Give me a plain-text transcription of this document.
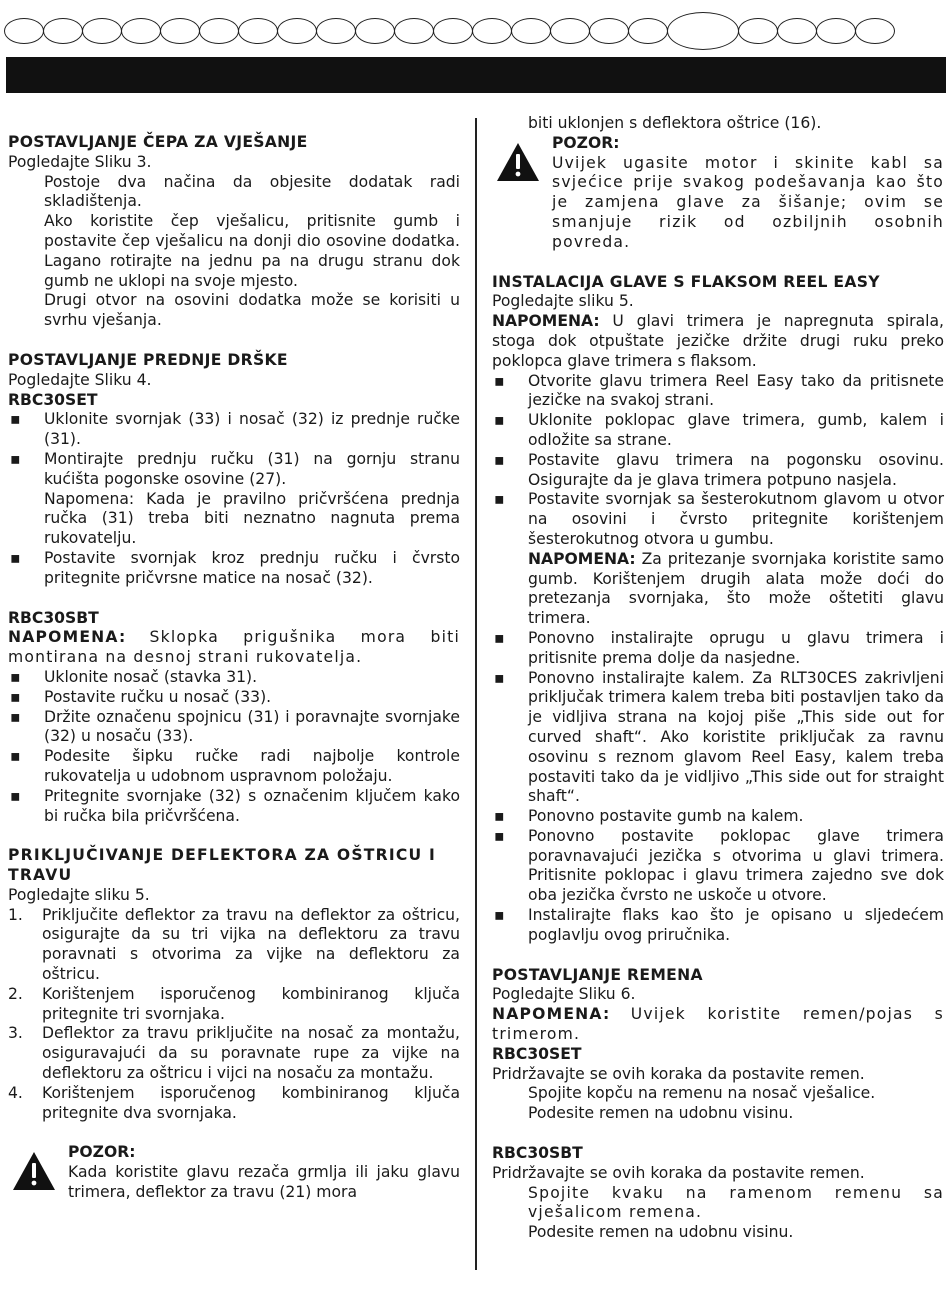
POSTAVLJANJE ČEPA ZA VJEŠANJE
Pogledajte Sliku 3.
Postoje dva načina da objesite dodatak radi skladištenja.
Ako koristite čep vješalicu, pritisnite gumb i postavite čep vješalicu na donji dio osovine dodatka. Lagano rotirajte na jednu pa na drugu stranu dok gumb ne uklopi na svoje mjesto.
Drugi otvor na osovini dodatka može se korisiti u svrhu vješanja.
POSTAVLJANJE PREDNJE DRŠKE
Pogledajte Sliku 4.
RBC30SET
▪ Uklonite svornjak (33) i nosač (32) iz prednje ručke (31).
▪ Montirajte prednju ručku (31) na gornju stranu kućišta pogonske osovine (27).
Napomena: Kada je pravilno pričvršćena prednja ručka (31) treba biti neznatno nagnuta prema rukovatelju.
▪ Postavite svornjak kroz prednju ručku i čvrsto pritegnite pričvrsne matice na nosač (32).
RBC30SBT
NAPOMENA: Sklopka prigušnika mora biti montirana na desnoj strani rukovatelja.
▪ Uklonite nosač (stavka 31).
▪ Postavite ručku u nosač (33).
▪ Držite označenu spojnicu (31) i poravnajte svornjake (32) u nosaču (33).
▪ Podesite šipku ručke radi najbolje kontrole rukovatelja u udobnom uspravnom položaju.
▪ Pritegnite svornjake (32) s označenim ključem kako bi ručka bila pričvršćena.
PRIKLJUČIVANJE DEFLEKTORA ZA OŠTRICU I TRAVU
Pogledajte sliku 5.
1. Priključite deflektor za travu na deflektor za oštricu, osigurajte da su tri vijka na deflektoru za travu poravnati s otvorima za vijke na deflektoru za oštricu.
2. Korištenjem isporučenog kombiniranog ključa pritegnite tri svornjaka.
3. Deflektor za travu priključite na nosač za montažu, osiguravajući da su poravnate rupe za vijke na deflektoru za oštricu i vijci na nosaču za montažu.
4. Korištenjem isporučenog kombiniranog ključa pritegnite dva svornjaka.
POZOR:
Kada koristite glavu rezača grmlja ili jaku glavu trimera, deflektor za travu (21) mora
biti uklonjen s deflektora oštrice (16).
POZOR:
Uvijek ugasite motor i skinite kabl sa svjećice prije svakog podešavanja kao što je zamjena glave za šišanje; ovim se smanjuje rizik od ozbiljnih osobnih povreda.
INSTALACIJA GLAVE S FLAKSOM REEL EASY
Pogledajte sliku 5.
NAPOMENA: U glavi trimera je napregnuta spirala, stoga dok otpuštate jezičke držite drugi ruku preko poklopca glave trimera s flaksom.
▪ Otvorite glavu trimera Reel Easy tako da pritisnete jezičke na svakoj strani.
▪ Uklonite poklopac glave trimera, gumb, kalem i odložite sa strane.
▪ Postavite glavu trimera na pogonsku osovinu. Osigurajte da je glava trimera potpuno nasjela.
▪ Postavite svornjak sa šesterokutnom glavom u otvor na osovini i čvrsto pritegnite korištenjem šesterokutnog otvora u gumbu.
NAPOMENA: Za pritezanje svornjaka koristite samo gumb. Korištenjem drugih alata može doći do pretezanja svornjaka, što može oštetiti glavu trimera.
▪ Ponovno instalirajte oprugu u glavu trimera i pritisnite prema dolje da nasjedne.
▪ Ponovno instalirajte kalem. Za RLT30CES zakrivljeni priključak trimera kalem treba biti postavljen tako da je vidljiva strana na kojoj piše „This side out for curved shaft“. Ako koristite priključak za ravnu osovinu s reznom glavom Reel Easy, kalem treba postaviti tako da je vidljivo „This side out for straight shaft“.
▪ Ponovno postavite gumb na kalem.
▪ Ponovno postavite poklopac glave trimera poravnavajući jezička s otvorima u glavi trimera. Pritisnite poklopac i glavu trimera zajedno sve dok oba jezička čvrsto ne uskoče u otvore.
▪ Instalirajte flaks kao što je opisano u sljedećem poglavlju ovog priručnika.
POSTAVLJANJE REMENA
Pogledajte Sliku 6.
NAPOMENA: Uvijek koristite remen/pojas s trimerom.
RBC30SET
Pridržavajte se ovih koraka da postavite remen.
Spojite kopču na remenu na nosač vješalice.
Podesite remen na udobnu visinu.
RBC30SBT
Pridržavajte se ovih koraka da postavite remen.
Spojite kvaku na ramenom remenu sa vješalicom remena.
Podesite remen na udobnu visinu.
